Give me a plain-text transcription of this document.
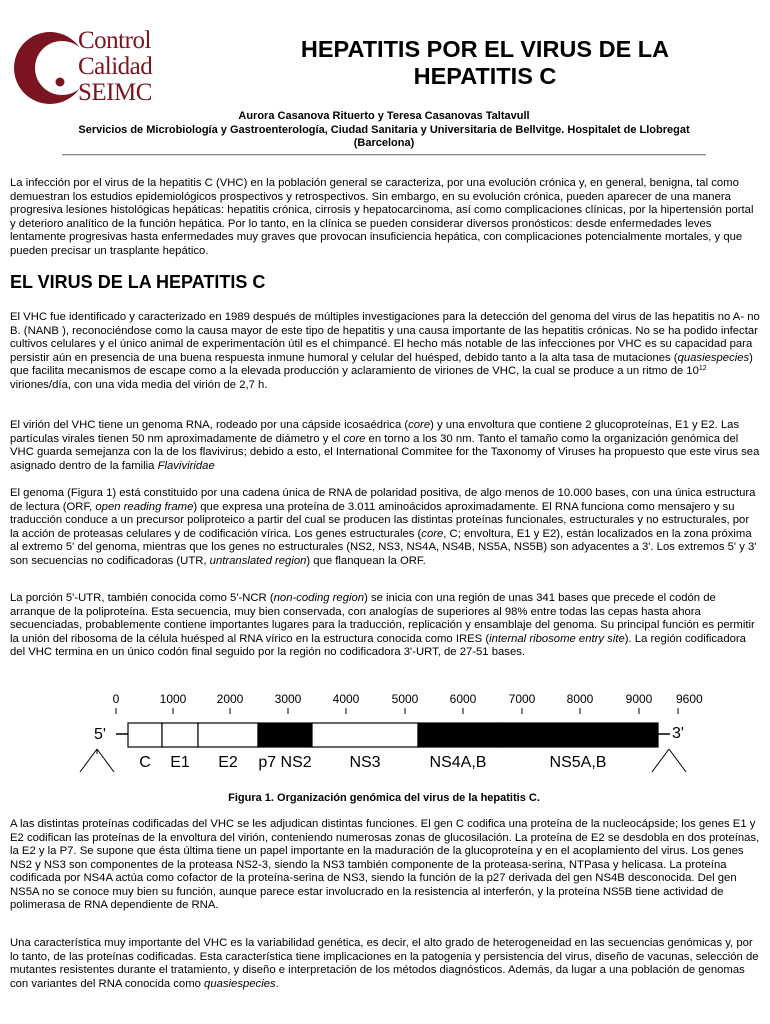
Control
Calidad
SEIMC
HEPATITIS POR EL VIRUS DE LA
HEPATITIS C
Aurora Casanova Rituerto y Teresa Casanovas Taltavull
Servicios de Microbiología y Gastroenterología, Ciudad Sanitaria y Universitaria de Bellvitge. Hospitalet de Llobregat
(Barcelona)
La infección por el virus de la hepatitis C (VHC) en la población general se caracteriza, por una evolución crónica y, en general, benigna, tal como demuestran los estudios epidemiológicos prospectivos y retrospectivos. Sin embargo, en su evolución crónica, pueden aparecer de una manera progresiva lesiones histológicas hepáticas: hepatitis crónica, cirrosis y hepatocarcinoma, así como complicaciones clínicas, por la hipertensión portal y deterioro analítico de la función hepática. Por lo tanto, en la clínica se pueden considerar diversos pronósticos: desde enfermedades leves lentamente progresivas hasta enfermedades muy graves que provocan insuficiencia hepática, con complicaciones potencialmente mortales, y que pueden precisar un trasplante hepático.
EL VIRUS DE LA HEPATITIS C
El VHC fue identificado y caracterizado en 1989 después de múltiples investigaciones para la detección del genoma del virus de las hepatitis no A- no B. (NANB ), reconociéndose como la causa mayor de este tipo de hepatitis y una causa importante de las hepatitis crónicas. No se ha podido infectar cultivos celulares y el único animal de experimentación útil es el chimpancé. El hecho más notable de las infecciones por VHC es su capacidad para persistir aún en presencia de una buena respuesta inmune humoral y celular del huésped, debido tanto a la alta tasa de mutaciones (quasiespecies) que facilita mecanismos de escape como a la elevada producción y aclaramiento de viriones de VHC, la cual se produce a un ritmo de $10^{12}$ viriones/día, con una vida media del virión de 2,7 h.
El virión del VHC tiene un genoma RNA, rodeado por una cápside icosaédrica (core) y una envoltura que contiene 2 glucoproteínas, E1 y E2. Las partículas virales tienen 50 nm aproximadamente de diámetro y el core en torno a los 30 nm. Tanto el tamaño como la organización genómica del VHC guarda semejanza con la de los flavivirus; debido a esto, el International Commitee for the Taxonomy of Viruses ha propuesto que este virus sea asignado dentro de la familia Flaviviridae
El genoma (Figura 1) está constituido por una cadena única de RNA de polaridad positiva, de algo menos de 10.000 bases, con una única estructura de lectura (ORF, open reading frame) que expresa una proteína de 3.011 aminoácidos aproximadamente. El RNA funciona como mensajero y su traducción conduce a un precursor poliproteico a partir del cual se producen las distintas proteínas funcionales, estructurales y no estructurales, por la acción de proteasas celulares y de codificación vírica. Los genes estructurales (core, C; envoltura, E1 y E2), están localizados en la zona próxima al extremo 5' del genoma, mientras que los genes no estructurales (NS2, NS3, NS4A, NS4B, NS5A, NS5B) son adyacentes a 3'. Los extremos 5' y 3' son secuencias no codificadoras (UTR, untranslated region) que flanquean la ORF.
La porción 5'-UTR, también conocida como 5'-NCR (non-coding region) se inicia con una región de unas 341 bases que precede el codón de arranque de la poliproteína. Esta secuencia, muy bien conservada, con analogías de superiores al 98% entre todas las cepas hasta ahora secuenciadas, probablemente contiene importantes lugares para la traducción, replicación y ensamblaje del genoma. Su principal función es permitir la unión del ribosoma de la célula huésped al RNA vírico en la estructura conocida como IRES (internal ribosome entry site). La región codificadora del VHC termina en un único codón final seguido por la región no codificadora 3'-URT, de 27-51 bases.
0	1000	2000	3000	4000	5000	6000	7000	8000	9000 9600
5'	3'
C E1 E2 p7 NS2 NS3	NS4A,B	NS5A,B
Figura 1. Organización genómica del virus de la hepatitis C.
A las distintas proteínas codificadas del VHC se les adjudican distintas funciones. El gen C codifica una proteína de la nucleocápside; los genes E1 y E2 codifican las proteínas de la envoltura del virión, conteniendo numerosas zonas de glucosilación. La proteína de E2 se desdobla en dos proteínas, la E2 y la P7. Se supone que ésta última tiene un papel importante en la maduración de la glucoproteína y en el acoplamiento del virus. Los genes NS2 y NS3 son componentes de la proteasa NS2-3, siendo la NS3 también componente de la proteasa-serina, NTPasa y helicasa. La proteína codificada por NS4A actúa como cofactor de la proteína-serina de NS3, siendo la función de la p27 derivada del gen NS4B desconocida. Del gen NS5A no se conoce muy bien su función, aunque parece estar involucrado en la resistencia al interferón, y la proteína NS5B tiene actividad de polimerasa de RNA dependiente de RNA.
Una característica muy importante del VHC es la variabilidad genética, es decir, el alto grado de heterogeneidad en las secuencias genómicas y, por lo tanto, de las proteínas codificadas. Esta característica tiene implicaciones en la patogenia y persistencia del virus, diseño de vacunas, selección de mutantes resistentes durante el tratamiento, y diseño e interpretación de los métodos diagnósticos. Además, da lugar a una población de genomas con variantes del RNA conocida como quasiespecies.
